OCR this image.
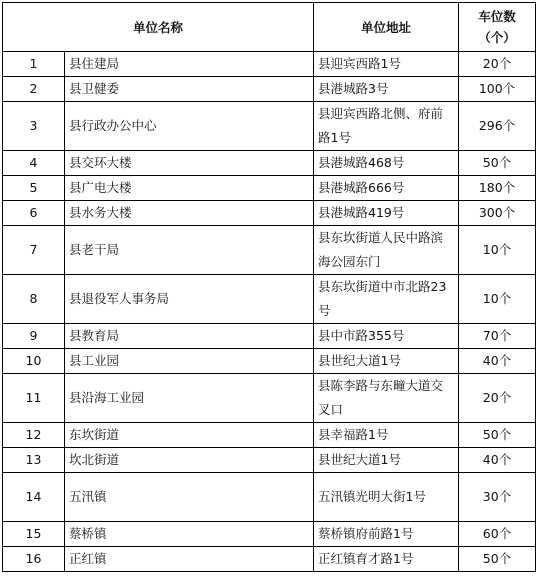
单位名称		单位地址	车位数
（个）

1	县住建局	县迎宾西路1号	20个
2	县卫健委	县港城路3号	100个
3	县行政办公中心	县迎宾西路北侧、府前路1号	296个
4	县交环大楼	县港城路468号	50个
5	县广电大楼	县港城路666号	180个
6	县水务大楼	县港城路419号	300个
7	县老干局	县东坎街道人民中路滨海公园东门	10个
8	县退役军人事务局	县东坎街道中市北路23号	10个
9	县教育局	县中市路355号	70个
10	县工业园	县世纪大道1号	40个
11	县沿海工业园	县陈李路与东疃大道交叉口	20个
12	东坎街道	县幸福路1号	50个
13	坎北街道	县世纪大道1号	40个
14	五汛镇	五汛镇光明大街1号	30个
15	蔡桥镇	蔡桥镇府前路1号	60个
16	正红镇	正红镇育才路1号	50个
